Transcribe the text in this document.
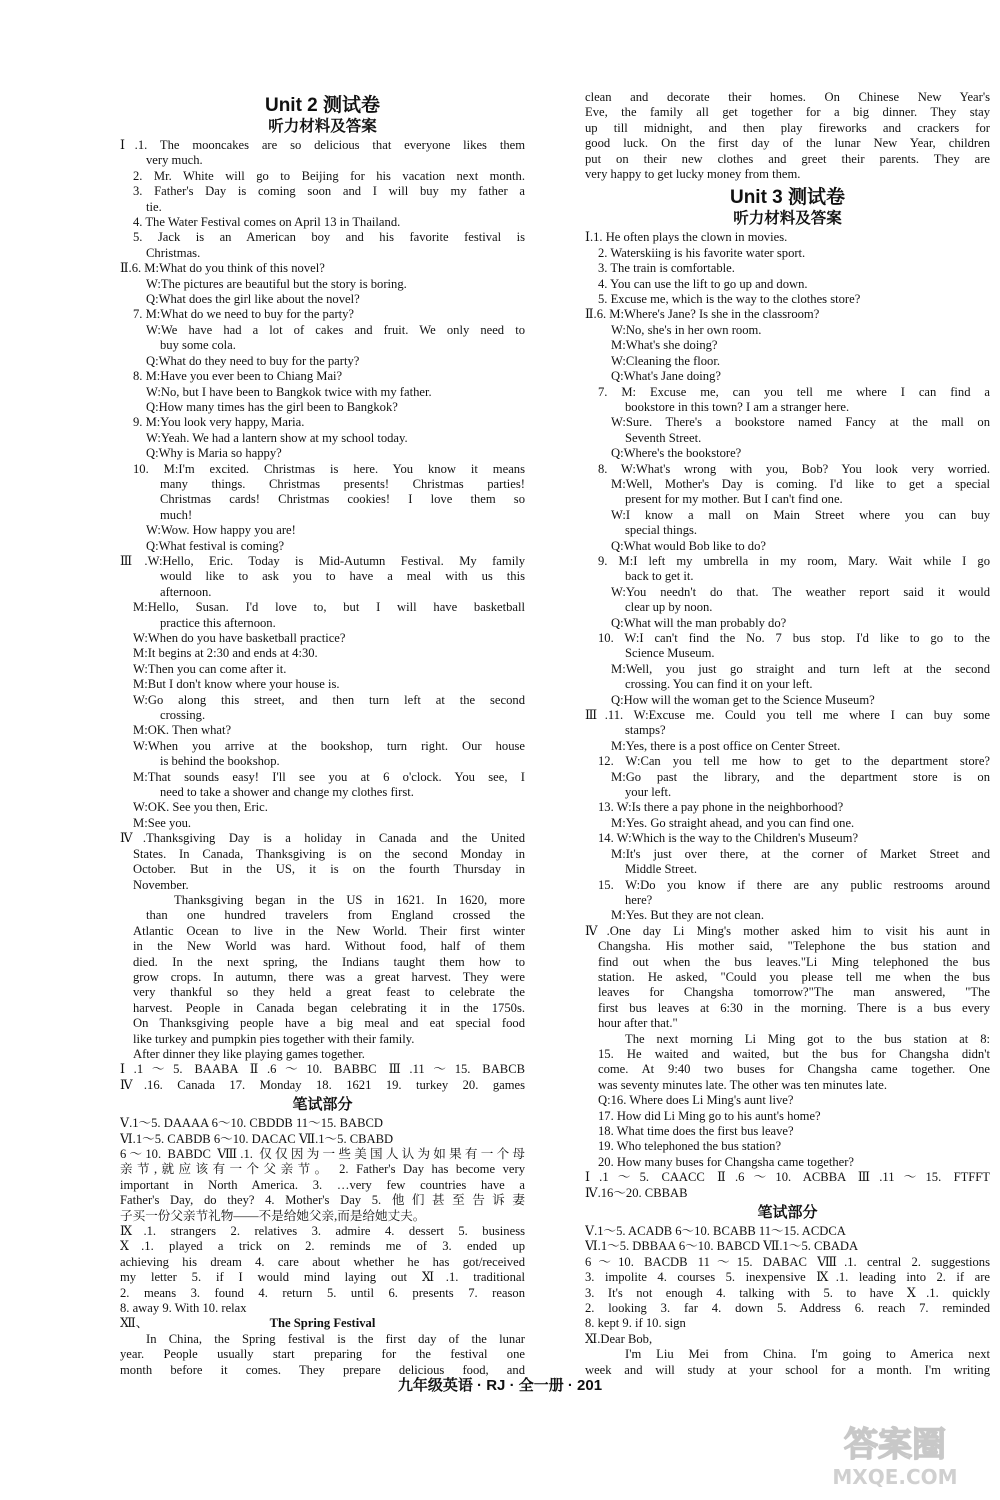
Unit 2 测试卷
听力材料及答案
Ⅰ.1. The mooncakes are so delicious that everyone likes them
very much.
2. Mr. White will go to Beijing for his vacation next month.
3. Father's Day is coming soon and I will buy my father a
tie.
4. The Water Festival comes on April 13 in Thailand.
5. Jack is an American boy and his favorite festival is
Christmas.
Ⅱ.6. M:What do you think of this novel?
W:The pictures are beautiful but the story is boring.
Q:What does the girl like about the novel?
7. M:What do we need to buy for the party?
W:We have had a lot of cakes and fruit. We only need to
buy some cola.
Q:What do they need to buy for the party?
8. M:Have you ever been to Chiang Mai?
W:No, but I have been to Bangkok twice with my father.
Q:How many times has the girl been to Bangkok?
9. M:You look very happy, Maria.
W:Yeah. We had a lantern show at my school today.
Q:Why is Maria so happy?
10. M:I'm excited. Christmas is here. You know it means
many things. Christmas presents! Christmas parties!
Christmas cards! Christmas cookies! I love them so
much!
W:Wow. How happy you are!
Q:What festival is coming?
Ⅲ.W:Hello, Eric. Today is Mid-Autumn Festival. My family
would like to ask you to have a meal with us this
afternoon.
M:Hello, Susan. I'd love to, but I will have basketball
practice this afternoon.
W:When do you have basketball practice?
M:It begins at 2:30 and ends at 4:30.
W:Then you can come after it.
M:But I don't know where your house is.
W:Go along this street, and then turn left at the second
crossing.
M:OK. Then what?
W:When you arrive at the bookshop, turn right. Our house
is behind the bookshop.
M:That sounds easy! I'll see you at 6 o'clock. You see, I
need to take a shower and change my clothes first.
W:OK. See you then, Eric.
M:See you.
Ⅳ.Thanksgiving Day is a holiday in Canada and the United
States. In Canada, Thanksgiving is on the second Monday in
October. But in the US, it is on the fourth Thursday in
November.
Thanksgiving began in the US in 1621. In 1620, more
than one hundred travelers from England crossed the
Atlantic Ocean to live in the New World. Their first winter
in the New World was hard. Without food, half of them
died. In the next spring, the Indians taught them how to
grow crops. In autumn, there was a great harvest. They were
very thankful so they held a great feast to celebrate the
harvest. People in Canada began celebrating it in the 1750s.
On Thanksgiving people have a big meal and eat special food
like turkey and pumpkin pies together with their family.
After dinner they like playing games together.
Ⅰ.1～5. BAABA Ⅱ.6～10. BABBC Ⅲ.11～15. BABCB
Ⅳ.16. Canada 17. Monday 18. 1621 19. turkey 20. games
笔试部分
Ⅴ.1～5. DAAAA 6～10. CBDDB 11～15. BABCD
Ⅵ.1～5. CABDB 6～10. DACAC Ⅶ.1～5. CBABD
6～10. BABDC Ⅷ.1. 仅仅因为一些美国人认为如果有一个母
亲节,就应该有一个父亲节。 2. Father's Day has become very
important in North America. 3. …very few countries have a
Father's Day, do they? 4. Mother's Day 5. 他们甚至告诉妻
子买一份父亲节礼物——不是给她父亲,而是给她丈夫。
Ⅸ.1. strangers 2. relatives 3. admire 4. dessert 5. business
Ⅹ.1. played a trick on 2. reminds me of 3. ended up
achieving his dream 4. care about whether he has got/received
my letter 5. if I would mind laying out Ⅺ.1. traditional
2. means 3. found 4. return 5. until 6. presents 7. reason
8. away 9. With 10. relax
Ⅻ、	The Spring Festival
In China, the Spring festival is the first day of the lunar
year. People usually start preparing for the festival one
month before it comes. They prepare delicious food, and
clean and decorate their homes. On Chinese New Year's
Eve, the family all get together for a big dinner. They stay
up till midnight, and then play fireworks and crackers for
good luck. On the first day of the lunar New Year, children
put on their new clothes and greet their parents. They are
very happy to get lucky money from them.
Unit 3 测试卷
听力材料及答案
Ⅰ.1. He often plays the clown in movies.
2. Waterskiing is his favorite water sport.
3. The train is comfortable.
4. You can use the lift to go up and down.
5. Excuse me, which is the way to the clothes store?
Ⅱ.6. M:Where's Jane? Is she in the classroom?
W:No, she's in her own room.
M:What's she doing?
W:Cleaning the floor.
Q:What's Jane doing?
7. M: Excuse me, can you tell me where I can find a
bookstore in this town? I am a stranger here.
W:Sure. There's a bookstore named Fancy at the mall on
Seventh Street.
Q:Where's the bookstore?
8. W:What's wrong with you, Bob? You look very worried.
M:Well, Mother's Day is coming. I'd like to get a special
present for my mother. But I can't find one.
W:I know a mall on Main Street where you can buy
special things.
Q:What would Bob like to do?
9. M:I left my umbrella in my room, Mary. Wait while I go
back to get it.
W:You needn't do that. The weather report said it would
clear up by noon.
Q:What will the man probably do?
10. W:I can't find the No. 7 bus stop. I'd like to go to the
Science Museum.
M:Well, you just go straight and turn left at the second
crossing. You can find it on your left.
Q:How will the woman get to the Science Museum?
Ⅲ.11. W:Excuse me. Could you tell me where I can buy some
stamps?
M:Yes, there is a post office on Center Street.
12. W:Can you tell me how to get to the department store?
M:Go past the library, and the department store is on
your left.
13. W:Is there a pay phone in the neighborhood?
M:Yes. Go straight ahead, and you can find one.
14. W:Which is the way to the Children's Museum?
M:It's just over there, at the corner of Market Street and
Middle Street.
15. W:Do you know if there are any public restrooms around
here?
M:Yes. But they are not clean.
Ⅳ.One day Li Ming's mother asked him to visit his aunt in
Changsha. His mother said, "Telephone the bus station and
find out when the bus leaves."Li Ming telephoned the bus
station. He asked, "Could you please tell me when the bus
leaves for Changsha tomorrow?"The man answered, "The
first bus leaves at 6:30 in the morning. There is a bus every
hour after that."
The next morning Li Ming got to the bus station at 8:
15. He waited and waited, but the bus for Changsha didn't
come. At 9:40 two buses for Changsha came together. One
was seventy minutes late. The other was ten minutes late.
Q:16. Where does Li Ming's aunt live?
17. How did Li Ming go to his aunt's home?
18. What time does the first bus leave?
19. Who telephoned the bus station?
20. How many buses for Changsha came together?
Ⅰ.1～5. CAACC Ⅱ.6～10. ACBBA Ⅲ.11～15. FTFFT
Ⅳ.16～20. CBBAB
笔试部分
Ⅴ.1～5. ACADB 6～10. BCABB 11～15. ACDCA
Ⅵ.1～5. DBBAA 6～10. BABCD Ⅶ.1～5. CBADA
6～10. BACDB 11～15. DABAC Ⅷ.1. central 2. suggestions
3. impolite 4. courses 5. inexpensive Ⅸ.1. leading into 2. if are
3. It's not enough 4. talking with 5. to have Ⅹ.1. quickly
2. looking 3. far 4. down 5. Address 6. reach 7. reminded
8. kept 9. if 10. sign
Ⅺ.Dear Bob,
I'm Liu Mei from China. I'm going to America next
week and will study at your school for a month. I'm writing
九年级英语 · RJ · 全一册 · 201
答案圈
MXQE.COM
